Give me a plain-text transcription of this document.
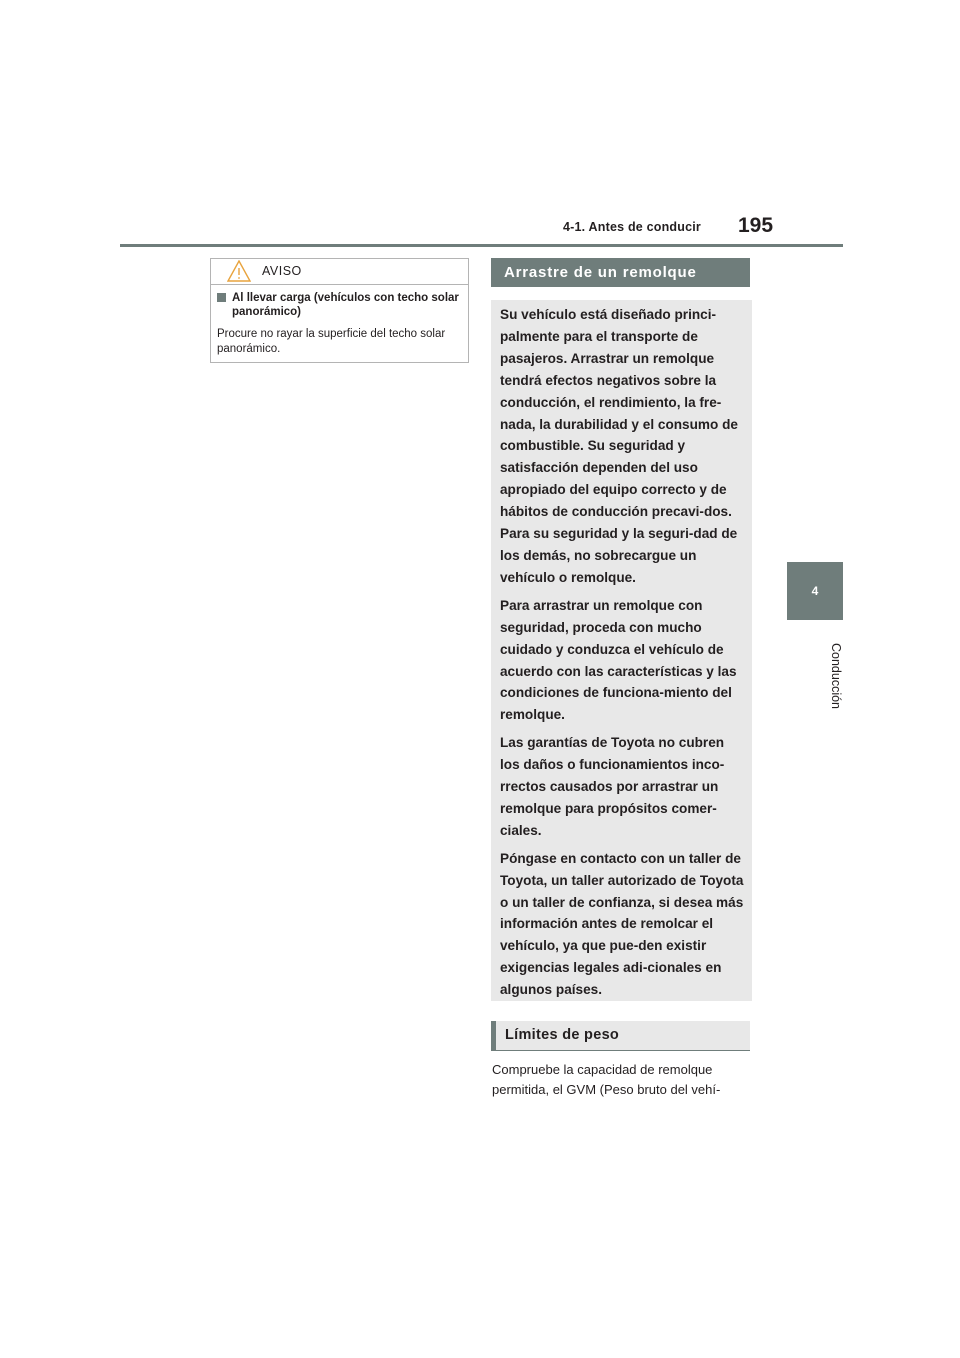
4-1. Antes de conducir 195
4
Conducción
AVISO
Al llevar carga (vehículos con techo solar panorámico)
Procure no rayar la superficie del techo solar panorámico.
Arrastre de un remolque

Su vehículo está diseñado princi-palmente para el transporte de pasajeros. Arrastrar un remolque tendrá efectos negativos sobre la conducción, el rendimiento, la fre-nada, la durabilidad y el consumo de combustible. Su seguridad y satisfacción dependen del uso apropiado del equipo correcto y de hábitos de conducción precavi-dos. Para su seguridad y la seguri-dad de los demás, no sobrecargue un vehículo o remolque.

Para arrastrar un remolque con seguridad, proceda con mucho cuidado y conduzca el vehículo de acuerdo con las características y las condiciones de funciona-miento del remolque.

Las garantías de Toyota no cubren los daños o funcionamientos inco-rrectos causados por arrastrar un remolque para propósitos comer-ciales.

Póngase en contacto con un taller de Toyota, un taller autorizado de Toyota o un taller de confianza, si desea más información antes de remolcar el vehículo, ya que pue-den existir exigencias legales adi-cionales en algunos países.

Límites de peso
Compruebe la capacidad de remolque permitida, el GVM (Peso bruto del vehí-
